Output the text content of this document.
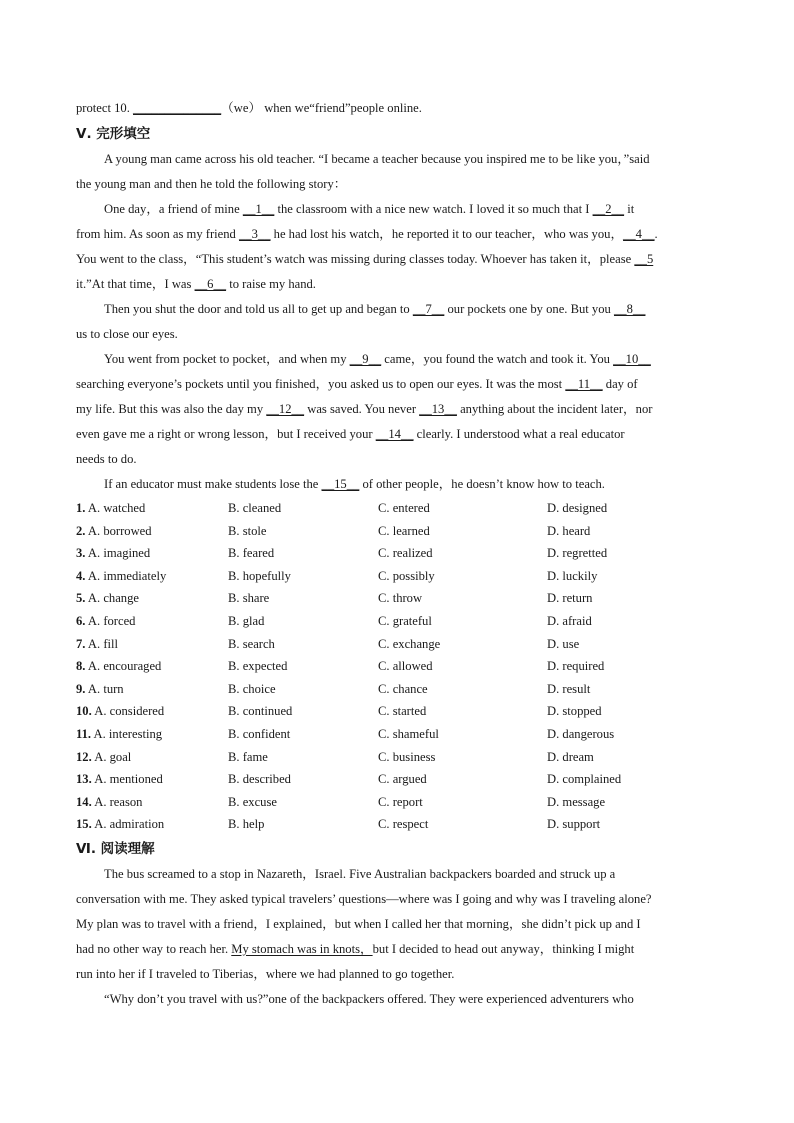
protect 10. ______________（we） when we“friend”people online.
Ⅴ. 完形填空
A young man came across his old teacher. “I became a teacher because you inspired me to be like you，”said
the young man and then he told the following story：
One day，a friend of mine __1__ the classroom with a nice new watch. I loved it so much that I __2__ it
from him. As soon as my friend __3__ he had lost his watch，he reported it to our teacher，who was you，__4__.
You went to the class，“This student’s watch was missing during classes today. Whoever has taken it，please __5
it.”At that time，I was __6__ to raise my hand.
Then you shut the door and told us all to get up and began to __7__ our pockets one by one. But you __8__
us to close our eyes.
You went from pocket to pocket，and when my __9__ came，you found the watch and took it. You __10__
searching everyone’s pockets until you finished，you asked us to open our eyes. It was the most __11__ day of
my life. But this was also the day my __12__ was saved. You never __13__ anything about the incident later，nor
even gave me a right or wrong lesson，but I received your __14__ clearly. I understood what a real educator
needs to do.
If an educator must make students lose the __15__ of other people，he doesn’t know how to teach.
1. A. watched	B. cleaned	C. entered	D. designed
2. A. borrowed	B. stole	C. learned	D. heard
3. A. imagined	B. feared	C. realized	D. regretted
4. A. immediately	B. hopefully	C. possibly	D. luckily
5. A. change	B. share	C. throw	D. return
6. A. forced	B. glad	C. grateful	D. afraid
7. A. fill	B. search	C. exchange	D. use
8. A. encouraged	B. expected	C. allowed	D. required
9. A. turn	B. choice	C. chance	D. result
10. A. considered	B. continued	C. started	D. stopped
11. A. interesting	B. confident	C. shameful	D. dangerous
12. A. goal	B. fame	C. business	D. dream
13. A. mentioned	B. described	C. argued	D. complained
14. A. reason	B. excuse	C. report	D. message
15. A. admiration	B. help	C. respect	D. support
Ⅵ. 阅读理解
The bus screamed to a stop in Nazareth，Israel. Five Australian backpackers boarded and struck up a
conversation with me. They asked typical travelers’ questions—where was I going and why was I traveling alone?
My plan was to travel with a friend，I explained，but when I called her that morning，she didn’t pick up and I
had no other way to reach her. My stomach was in knots，but I decided to head out anyway，thinking I might
run into her if I traveled to Tiberias，where we had planned to go together.
“Why don’t you travel with us?”one of the backpackers offered. They were experienced adventurers who
